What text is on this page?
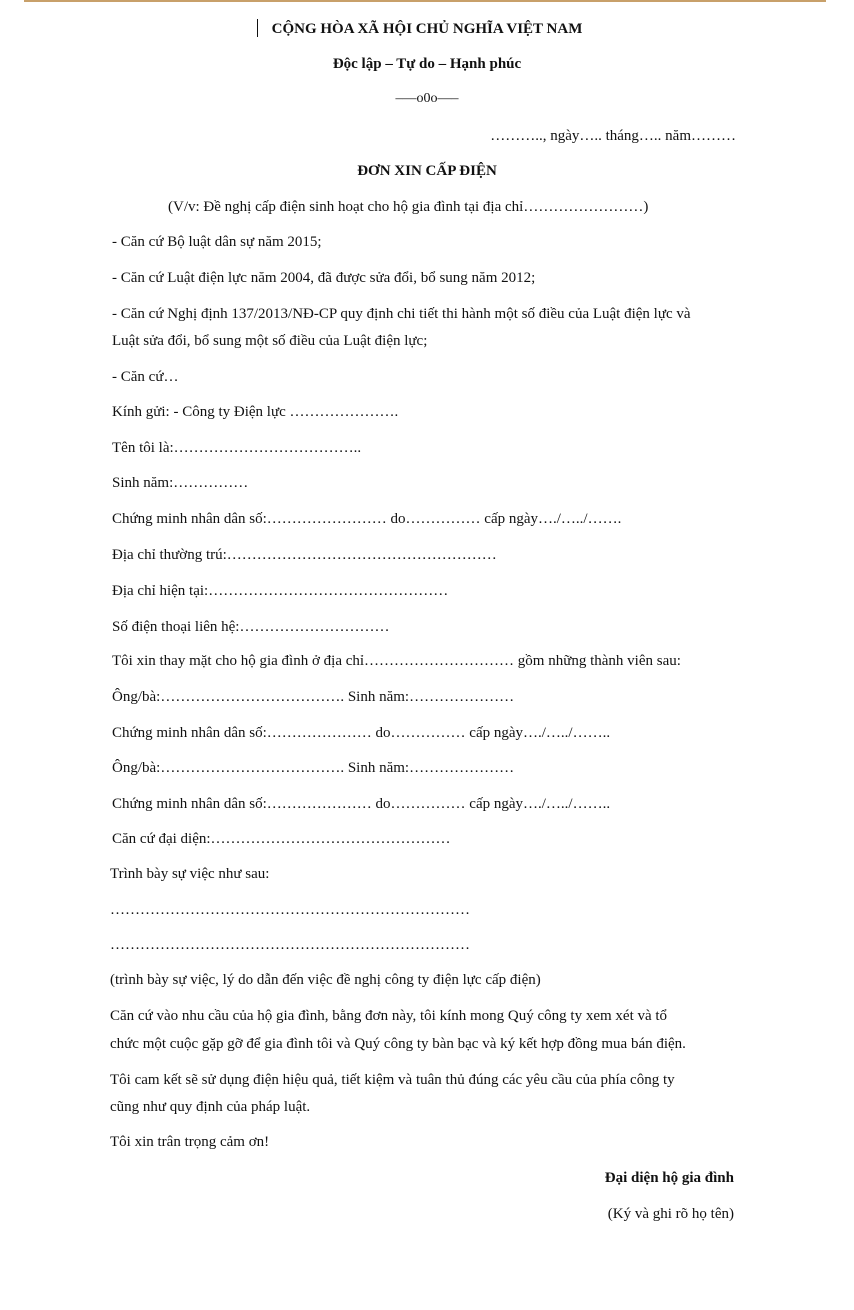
CỘNG HÒA XÃ HỘI CHỦ NGHĨA VIỆT NAM
Độc lập – Tự do – Hạnh phúc
–—o0o—–
……….., ngày….. tháng….. năm………
ĐƠN XIN CẤP ĐIỆN
(V/v: Đề nghị cấp điện sinh hoạt cho hộ gia đình tại địa chỉ……………………)
- Căn cứ Bộ luật dân sự năm 2015;
- Căn cứ Luật điện lực năm 2004, đã được sửa đổi, bổ sung năm 2012;
- Căn cứ Nghị định 137/2013/NĐ-CP quy định chi tiết thi hành một số điều của Luật điện lực và
Luật sửa đổi, bổ sung một số điều của Luật điện lực;
- Căn cứ…
Kính gửi: - Công ty Điện lực ………………….
Tên tôi là:………………………………..
Sinh năm:……………
Chứng minh nhân dân số:…………………… do…………… cấp ngày…./…../…….
Địa chỉ thường trú:………………………………………………
Địa chỉ hiện tại:…………………………………………
Số điện thoại liên hệ:…………………………
Tôi xin thay mặt cho hộ gia đình ở địa chỉ………………………… gồm những thành viên sau:
Ông/bà:………………………………. Sinh năm:…………………
Chứng minh nhân dân số:………………… do…………… cấp ngày…./…../……..
Ông/bà:………………………………. Sinh năm:…………………
Chứng minh nhân dân số:………………… do…………… cấp ngày…./…../……..
Căn cứ đại diện:…………………………………………
Trình bày sự việc như sau:
………………………………………………………………
………………………………………………………………
(trình bày sự việc, lý do dẫn đến việc đề nghị công ty điện lực cấp điện)
Căn cứ vào nhu cầu của hộ gia đình, bằng đơn này, tôi kính mong Quý công ty xem xét và tổ
chức một cuộc gặp gỡ để gia đình tôi và Quý công ty bàn bạc và ký kết hợp đồng mua bán điện.
Tôi cam kết sẽ sử dụng điện hiệu quả, tiết kiệm và tuân thủ đúng các yêu cầu của phía công ty
cũng như quy định của pháp luật.
Tôi xin trân trọng cảm ơn!
Đại diện hộ gia đình
(Ký và ghi rõ họ tên)
